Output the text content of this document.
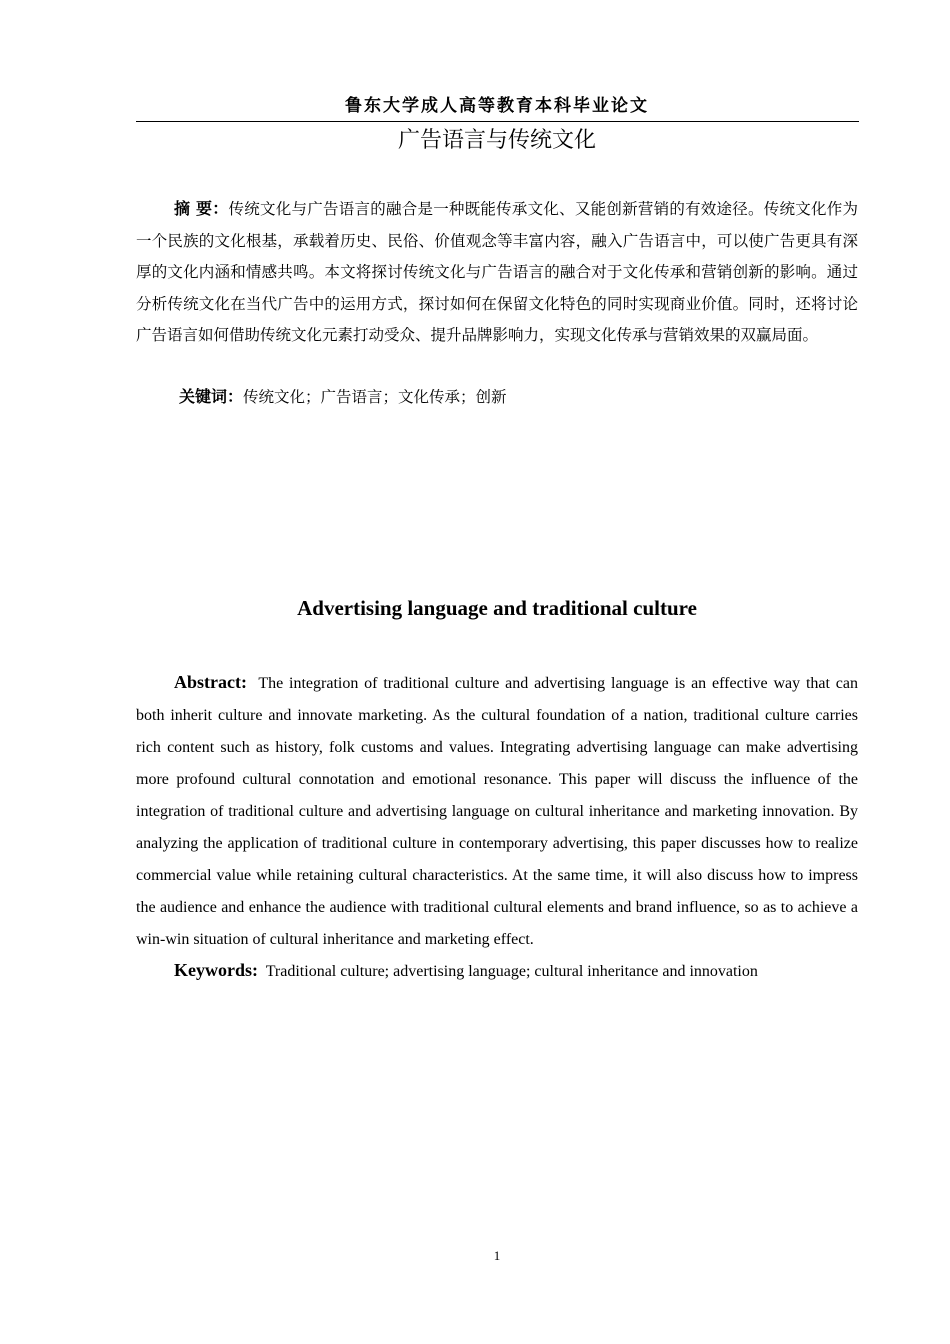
鲁东大学成人高等教育本科毕业论文
广告语言与传统文化
摘 要：传统文化与广告语言的融合是一种既能传承文化、又能创新营销的有效途径。传统文化作为一个民族的文化根基，承载着历史、民俗、价值观念等丰富内容，融入广告语言中，可以使广告更具有深厚的文化内涵和情感共鸣。本文将探讨传统文化与广告语言的融合对于文化传承和营销创新的影响。通过分析传统文化在当代广告中的运用方式，探讨如何在保留文化特色的同时实现商业价值。同时，还将讨论广告语言如何借助传统文化元素打动受众、提升品牌影响力，实现文化传承与营销效果的双赢局面。
关键词：传统文化；广告语言；文化传承；创新
Advertising language and traditional culture
Abstract: The integration of traditional culture and advertising language is an effective way that can both inherit culture and innovate marketing. As the cultural foundation of a nation, traditional culture carries rich content such as history, folk customs and values. Integrating advertising language can make advertising more profound cultural connotation and emotional resonance. This paper will discuss the influence of the integration of traditional culture and advertising language on cultural inheritance and marketing innovation. By analyzing the application of traditional culture in contemporary advertising, this paper discusses how to realize commercial value while retaining cultural characteristics. At the same time, it will also discuss how to impress the audience and enhance the audience with traditional cultural elements and brand influence, so as to achieve a win-win situation of cultural inheritance and marketing effect.
Keywords: Traditional culture; advertising language; cultural inheritance and innovation
1
